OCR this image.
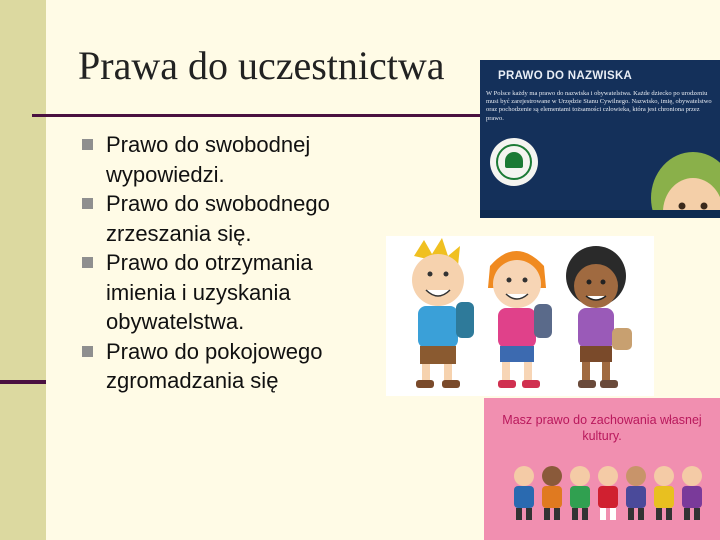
Prawa do uczestnictwa
Prawo do swobodnej wypowiedzi.
Prawo do swobodnego zrzeszania się.
Prawo do otrzymania imienia i uzyskania obywatelstwa.
Prawo do pokojowego zgromadzania się
PRAWO DO NAZWISKA
W Polsce każdy ma prawo do nazwiska i obywatelstwa. Każde dziecko po urodzeniu musi być zarejestrowane w Urzędzie Stanu Cywilnego. Nazwisko, imię, obywatelstwo oraz pochodzenie są elementami tożsamości człowieka, która jest chroniona przez prawo.
Masz prawo do zachowania własnej kultury.
